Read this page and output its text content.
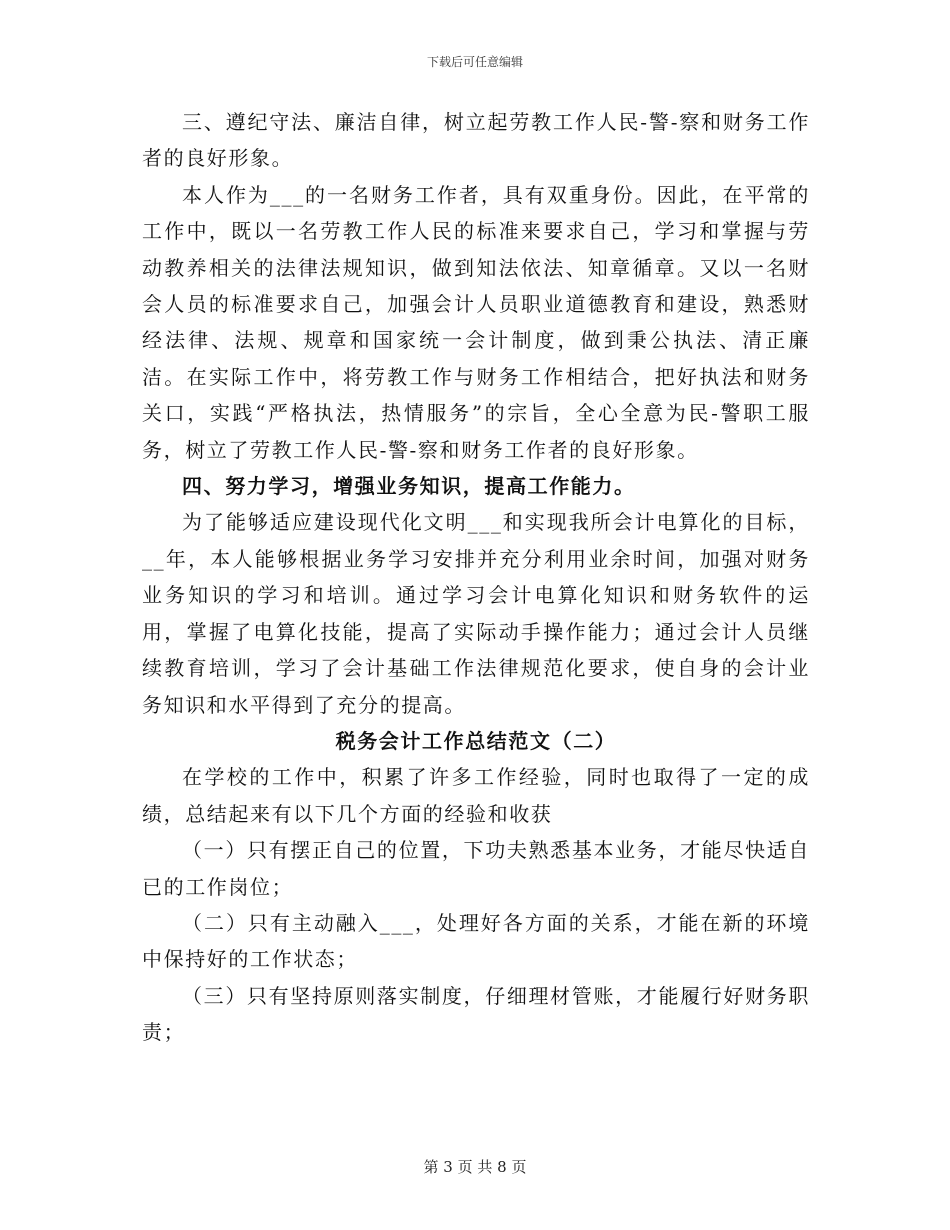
下载后可任意编辑

三、遵纪守法、廉洁自律，树立起劳教工作人民-警-察和财务工作者的良好形象。

本人作为___的一名财务工作者，具有双重身份。因此，在平常的工作中，既以一名劳教工作人民的标准来要求自己，学习和掌握与劳动教养相关的法律法规知识，做到知法依法、知章循章。又以一名财会人员的标准要求自己，加强会计人员职业道德教育和建设，熟悉财经法律、法规、规章和国家统一会计制度，做到秉公执法、清正廉洁。在实际工作中，将劳教工作与财务工作相结合，把好执法和财务关口，实践“严格执法，热情服务”的宗旨，全心全意为民-警职工服务，树立了劳教工作人民-警-察和财务工作者的良好形象。

四、努力学习，增强业务知识，提高工作能力。

为了能够适应建设现代化文明___和实现我所会计电算化的目标，__年，本人能够根据业务学习安排并充分利用业余时间，加强对财务业务知识的学习和培训。通过学习会计电算化知识和财务软件的运用，掌握了电算化技能，提高了实际动手操作能力；通过会计人员继续教育培训，学习了会计基础工作法律规范化要求，使自身的会计业务知识和水平得到了充分的提高。

税务会计工作总结范文（二）

在学校的工作中，积累了许多工作经验，同时也取得了一定的成绩，总结起来有以下几个方面的经验和收获

（一）只有摆正自己的位置，下功夫熟悉基本业务，才能尽快适自已的工作岗位；

（二）只有主动融入___，处理好各方面的关系，才能在新的环境中保持好的工作状态；

（三）只有坚持原则落实制度，仔细理材管账，才能履行好财务职责；

第 3 页 共 8 页
